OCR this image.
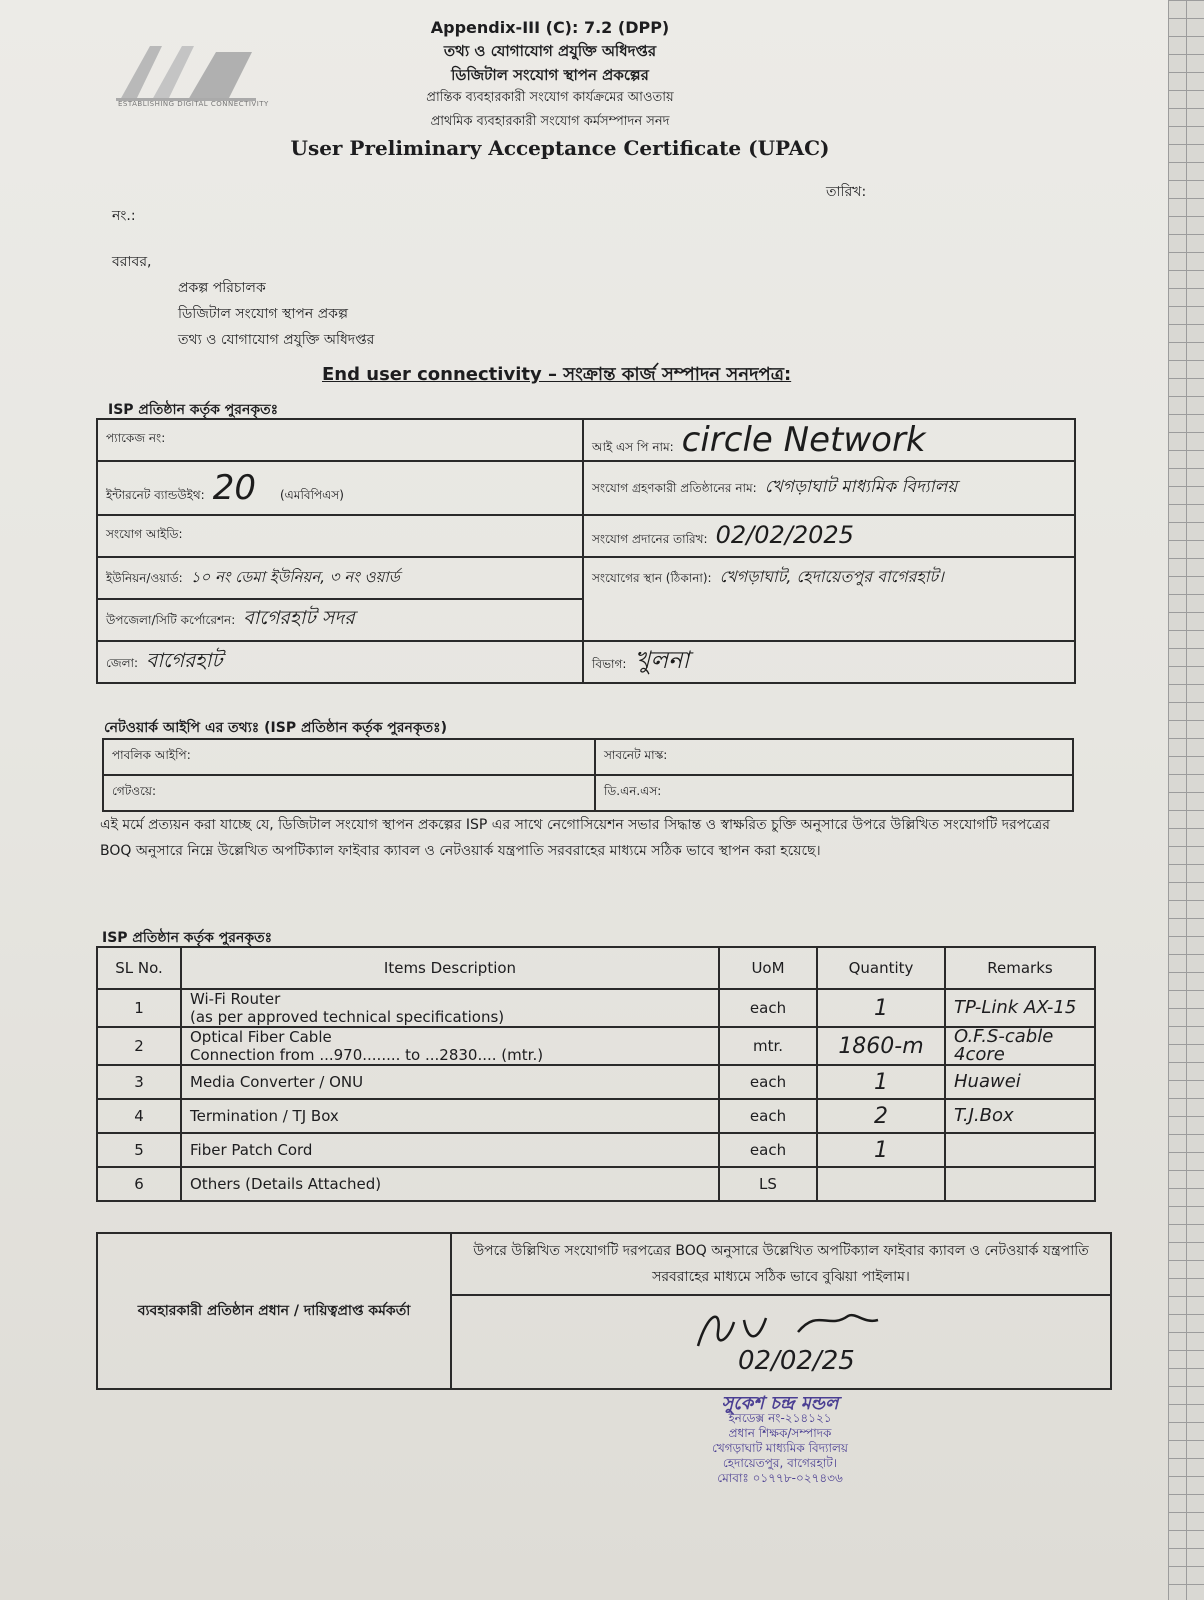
ESTABLISHING DIGITAL CONNECTIVITY
Appendix-III (C): 7.2 (DPP)
তথ্য ও যোগাযোগ প্রযুক্তি অধিদপ্তর
ডিজিটাল সংযোগ স্থাপন প্রকল্পের
প্রান্তিক ব্যবহারকারী সংযোগ কার্যক্রমের আওতায়
প্রাথমিক ব্যবহারকারী সংযোগ কর্মসম্পাদন সনদ
User Preliminary Acceptance Certificate (UPAC)
তারিখ:
নং.:
বরাবর,
প্রকল্প পরিচালক
ডিজিটাল সংযোগ স্থাপন প্রকল্প
তথ্য ও যোগাযোগ প্রযুক্তি অধিদপ্তর
End user connectivity – সংক্রান্ত কার্জ সম্পাদন সনদপত্র:
ISP প্রতিষ্ঠান কর্তৃক পুরনকৃতঃ
প্যাকেজ নং:	আই এস পি নাম: circle Network
ইন্টারনেট ব্যান্ডউইথ: 20 (এমবিপিএস)	সংযোগ গ্রহণকারী প্রতিষ্ঠানের নাম: খেগড়াঘাট মাধ্যমিক বিদ্যালয়
সংযোগ আইডি:	সংযোগ প্রদানের তারিখ: 02/02/2025
ইউনিয়ন/ওয়ার্ড: ১০ নং ডেমা ইউনিয়ন, ৩ নং ওয়ার্ড	সংযোগের স্থান (ঠিকানা): খেগড়াঘাট, হেদায়েতপুর বাগেরহাট।
উপজেলা/সিটি কর্পোরেশন: বাগেরহাট সদর	
জেলা: বাগেরহাট	বিভাগ: খুলনা
নেটওয়ার্ক আইপি এর তথ্যঃ (ISP প্রতিষ্ঠান কর্তৃক পুরনকৃতঃ)
পাবলিক আইপি:	সাবনেট মাস্ক:
গেটওয়ে:	ডি.এন.এস:
এই মর্মে প্রত্যয়ন করা যাচ্ছে যে, ডিজিটাল সংযোগ স্থাপন প্রকল্পের ISP এর সাথে নেগোসিয়েশন সভার সিদ্ধান্ত ও স্বাক্ষরিত চুক্তি অনুসারে উপরে উল্লিখিত সংযোগটি দরপত্রের BOQ অনুসারে নিম্নে উল্লেখিত অপটিক্যাল ফাইবার ক্যাবল ও নেটওয়ার্ক যন্ত্রপাতি সরবরাহের মাধ্যমে সঠিক ভাবে স্থাপন করা হয়েছে।
ISP প্রতিষ্ঠান কর্তৃক পুরনকৃতঃ
SL No.	Items Description	UoM	Quantity	Remarks
1	Wi-Fi Router
(as per approved technical specifications)	each	1	TP-Link AX-15
2	Optical Fiber Cable
Connection from ...970........ to ...2830.... (mtr.)	mtr.	1860-m	O.F.S-cable 4core
3	Media Converter / ONU	each	1	Huawei
4	Termination / TJ Box	each	2	T.J.Box
5	Fiber Patch Cord	each	1	
6	Others (Details Attached)	LS		
ব্যবহারকারী প্রতিষ্ঠান প্রধান / দায়িত্বপ্রাপ্ত কর্মকর্তা
উপরে উল্লিখিত সংযোগটি দরপত্রের BOQ অনুসারে উল্লেখিত অপটিক্যাল ফাইবার ক্যাবল ও নেটওয়ার্ক যন্ত্রপাতি সরবরাহের মাধ্যমে সঠিক ভাবে বুঝিয়া পাইলাম।
02/02/25
সুকেশ চন্দ্র মন্ডল
ইনডেক্স নং-২১৪১২১
প্রধান শিক্ষক/সম্পাদক
খেগড়াঘাট মাধ্যমিক বিদ্যালয়
হেদায়েতপুর, বাগেরহাট।
মোবাঃ ০১৭৭৮-০২৭৪৩৬
